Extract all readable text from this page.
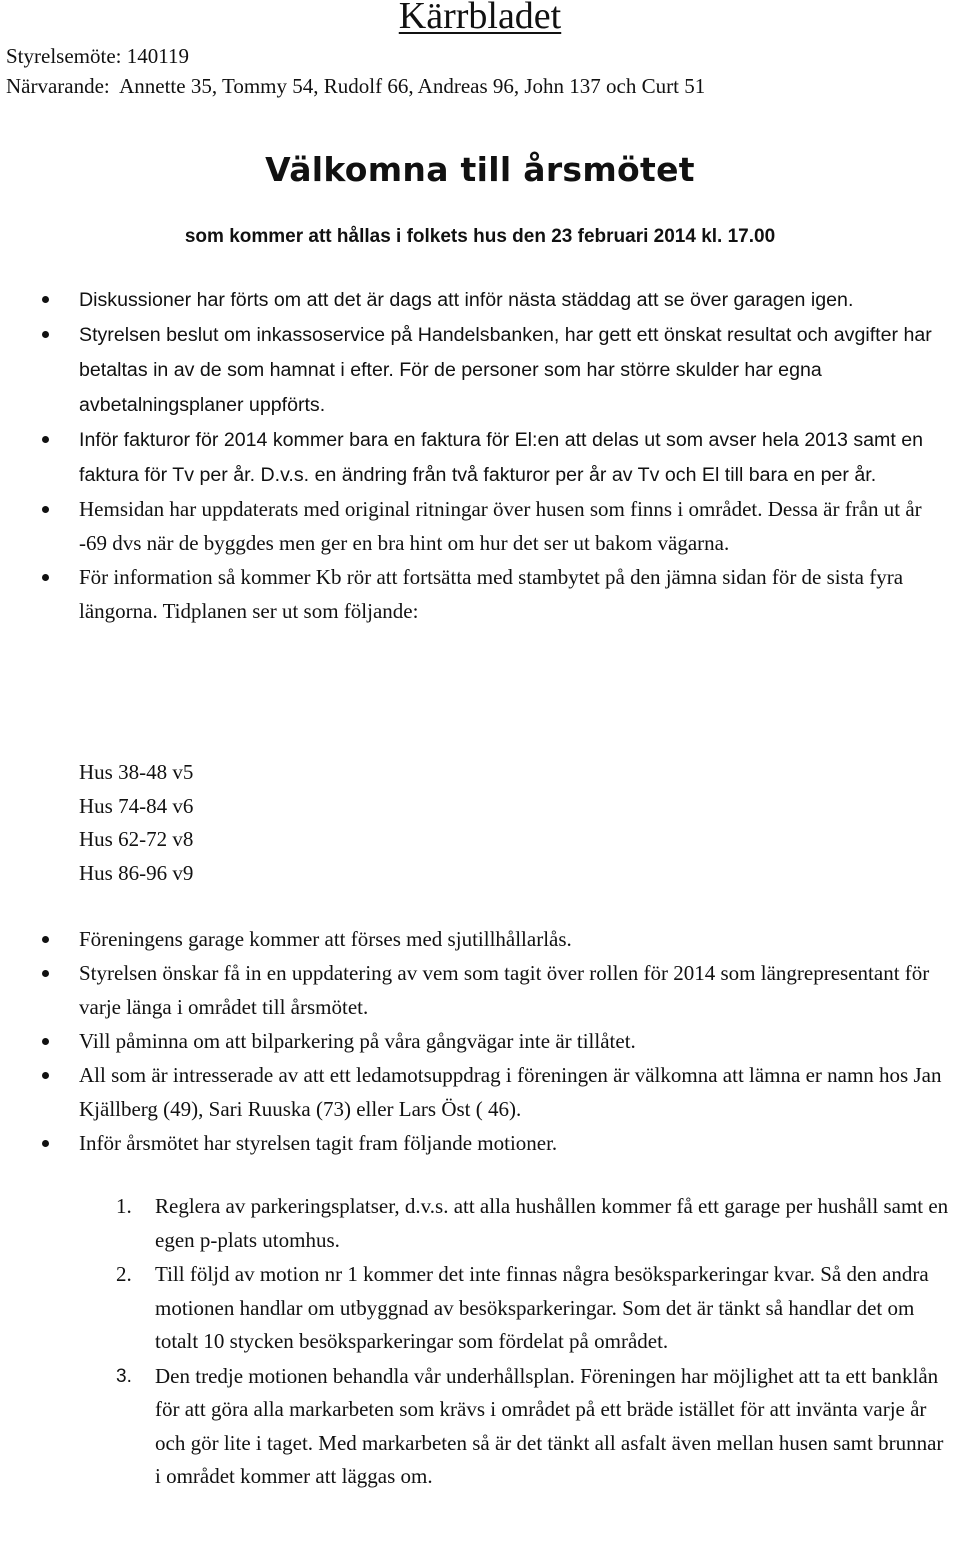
Kärrbladet
Styrelsemöte: 140119
Närvarande:  Annette 35, Tommy 54, Rudolf 66, Andreas 96, John 137 och Curt 51
Välkomna till årsmötet
som kommer att hållas i folkets hus den 23 februari 2014 kl. 17.00
Diskussioner har förts om att det är dags att inför nästa städdag att se över garagen igen.
Styrelsen beslut om inkassoservice på Handelsbanken, har gett ett önskat resultat och avgifter har betaltas in av de som hamnat i efter. För de personer som har större skulder har egna avbetalningsplaner uppförts.
Inför fakturor för 2014 kommer bara en faktura för El:en att delas ut som avser hela 2013 samt en faktura för Tv per år. D.v.s. en ändring från två fakturor per år av Tv och El till bara en per år.
Hemsidan har uppdaterats med original ritningar över husen som finns i området. Dessa är från ut år -69 dvs när de byggdes men ger en bra hint om hur det ser ut bakom vägarna.
För information så kommer Kb rör att fortsätta med stambytet på den jämna sidan för de sista fyra längorna. Tidplanen ser ut som följande:
Hus 38-48 v5
Hus 74-84 v6
Hus 62-72 v8
Hus 86-96 v9
Föreningens garage kommer att förses med sjutillhållarlås.
Styrelsen önskar få in en uppdatering av vem som tagit över rollen för 2014 som längrepresentant för varje länga i området till årsmötet.
Vill påminna om att bilparkering på våra gångvägar inte är tillåtet.
All som är intresserade av att ett ledamotsuppdrag i föreningen är välkomna att lämna er namn hos Jan Kjällberg (49), Sari Ruuska (73) eller Lars Öst ( 46).
Inför årsmötet har styrelsen tagit fram följande motioner.
1. Reglera av parkeringsplatser, d.v.s. att alla hushållen kommer få ett garage per hushåll samt en egen p-plats utomhus.
2. Till följd av motion nr 1 kommer det inte finnas några besöksparkeringar kvar. Så den andra motionen handlar om utbyggnad av besöksparkeringar. Som det är tänkt så handlar det om totalt 10 stycken besöksparkeringar som fördelat på området.
3. Den tredje motionen behandla vår underhållsplan. Föreningen har möjlighet att ta ett banklån för att göra alla markarbeten som krävs i området på ett bräde istället för att invänta varje år och gör lite i taget. Med markarbeten så är det tänkt all asfalt även mellan husen samt brunnar i området kommer att läggas om.
